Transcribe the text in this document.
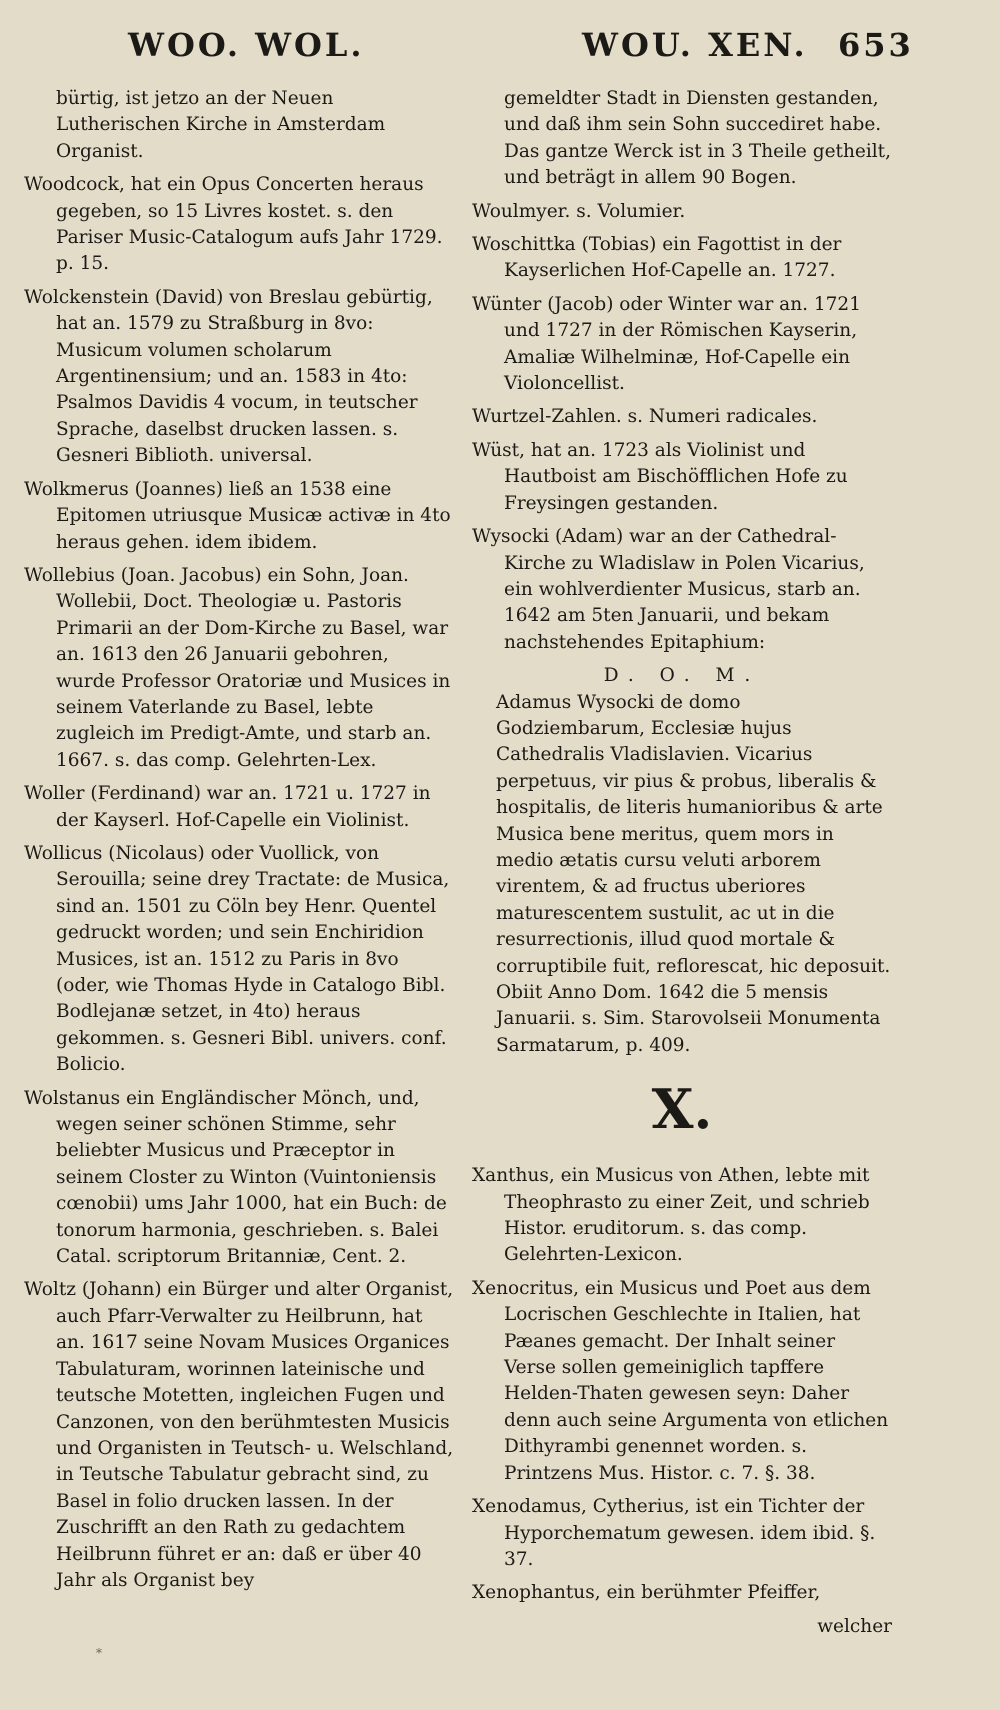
WOO. WOL.	WOU. XEN. 653

bürtig, ist jetzo an der Neuen Lutherischen Kirche in Amsterdam Organist.

Woodcock, hat ein Opus Concerten heraus gegeben, so 15 Livres kostet. s. den Pariser Music-Catalogum aufs Jahr 1729. p. 15.

Wolckenstein (David) von Breslau gebürtig, hat an. 1579 zu Straßburg in 8vo: Musicum volumen scholarum Argentinensium; und an. 1583 in 4to: Psalmos Davidis 4 vocum, in teutscher Sprache, daselbst drucken lassen. s. Gesneri Biblioth. universal.

Wolkmerus (Joannes) ließ an 1538 eine Epitomen utriusque Musicæ activæ in 4to heraus gehen. idem ibidem.

Wollebius (Joan. Jacobus) ein Sohn, Joan. Wollebii, Doct. Theologiæ u. Pastoris Primarii an der Dom-Kirche zu Basel, war an. 1613 den 26 Januarii gebohren, wurde Professor Oratoriæ und Musices in seinem Vaterlande zu Basel, lebte zugleich im Predigt-Amte, und starb an. 1667. s. das comp. Gelehrten-Lex.

Woller (Ferdinand) war an. 1721 u. 1727 in der Kayserl. Hof-Capelle ein Violinist.

Wollicus (Nicolaus) oder Vuollick, von Serouilla; seine drey Tractate: de Musica, sind an. 1501 zu Cöln bey Henr. Quentel gedruckt worden; und sein Enchiridion Musices, ist an. 1512 zu Paris in 8vo (oder, wie Thomas Hyde in Catalogo Bibl. Bodlejanæ setzet, in 4to) heraus gekommen. s. Gesneri Bibl. univers. conf. Bolicio.

Wolstanus ein Engländischer Mönch, und, wegen seiner schönen Stimme, sehr beliebter Musicus und Præceptor in seinem Closter zu Winton (Vuintoniensis cœnobii) ums Jahr 1000, hat ein Buch: de tonorum harmonia, geschrieben. s. Balei Catal. scriptorum Britanniæ, Cent. 2.

Woltz (Johann) ein Bürger und alter Organist, auch Pfarr-Verwalter zu Heilbrunn, hat an. 1617 seine Novam Musices Organices Tabulaturam, worinnen lateinische und teutsche Motetten, ingleichen Fugen und Canzonen, von den berühmtesten Musicis und Organisten in Teutsch- u. Welschland, in Teutsche Tabulatur gebracht sind, zu Basel in folio drucken lassen. In der Zuschrifft an den Rath zu gedachtem Heilbrunn führet er an: daß er über 40 Jahr als Organist bey

gemeldter Stadt in Diensten gestanden, und daß ihm sein Sohn succediret habe. Das gantze Werck ist in 3 Theile getheilt, und beträgt in allem 90 Bogen.

Woulmyer. s. Volumier.

Woschittka (Tobias) ein Fagottist in der Kayserlichen Hof-Capelle an. 1727.

Wünter (Jacob) oder Winter war an. 1721 und 1727 in der Römischen Kayserin, Amaliæ Wilhelminæ, Hof-Capelle ein Violoncellist.

Wurtzel-Zahlen. s. Numeri radicales.

Wüst, hat an. 1723 als Violinist und Hautboist am Bischöfflichen Hofe zu Freysingen gestanden.

Wysocki (Adam) war an der Cathedral-Kirche zu Wladislaw in Polen Vicarius, ein wohlverdienter Musicus, starb an. 1642 am 5ten Januarii, und bekam nachstehendes Epitaphium:

D. O. M.

Adamus Wysocki de domo Godziembarum, Ecclesiæ hujus Cathedralis Vladislavien. Vicarius perpetuus, vir pius & probus, liberalis & hospitalis, de literis humanioribus & arte Musica bene meritus, quem mors in medio ætatis cursu veluti arborem virentem, & ad fructus uberiores maturescentem sustulit, ac ut in die resurrectionis, illud quod mortale & corruptibile fuit, reflorescat, hic deposuit. Obiit Anno Dom. 1642 die 5 mensis Januarii. s. Sim. Starovolseii Monumenta Sarmatarum, p. 409.

X.

Xanthus, ein Musicus von Athen, lebte mit Theophrasto zu einer Zeit, und schrieb Histor. eruditorum. s. das comp. Gelehrten-Lexicon.

Xenocritus, ein Musicus und Poet aus dem Locrischen Geschlechte in Italien, hat Pæanes gemacht. Der Inhalt seiner Verse sollen gemeiniglich tapffere Helden-Thaten gewesen seyn: Daher denn auch seine Argumenta von etlichen Dithyrambi genennet worden. s. Printzens Mus. Histor. c. 7. §. 38.

Xenodamus, Cytherius, ist ein Tichter der Hyporchematum gewesen. idem ibid. §. 37.

Xenophantus, ein berühmter Pfeiffer,

welcher

*
